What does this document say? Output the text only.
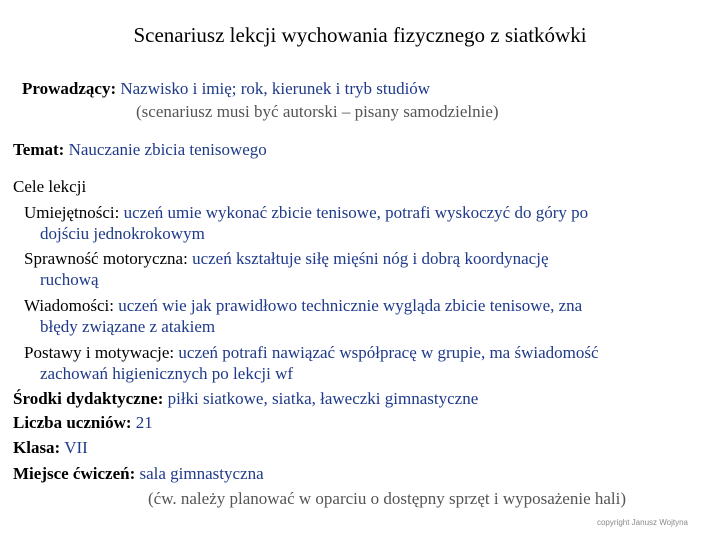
Scenariusz lekcji wychowania fizycznego z siatkówki
Prowadzący: Nazwisko i imię; rok, kierunek i tryb studiów
(scenariusz musi być autorski – pisany samodzielnie)
Temat: Nauczanie zbicia tenisowego
Cele lekcji
Umiejętności: uczeń umie wykonać zbicie tenisowe, potrafi wyskoczyć do góry po
dojściu jednokrokowym
Sprawność motoryczna: uczeń kształtuje siłę mięśni nóg i dobrą koordynację
ruchową
Wiadomości: uczeń wie jak prawidłowo technicznie wygląda zbicie tenisowe, zna
błędy związane z atakiem
Postawy i motywacje: uczeń potrafi nawiązać współpracę w grupie, ma świadomość
zachowań higienicznych po lekcji wf
Środki dydaktyczne: piłki siatkowe, siatka, ławeczki gimnastyczne
Liczba uczniów: 21
Klasa: VII
Miejsce ćwiczeń: sala gimnastyczna
(ćw. należy planować w oparciu o dostępny sprzęt i wyposażenie hali)
copyright Janusz Wojtyna
